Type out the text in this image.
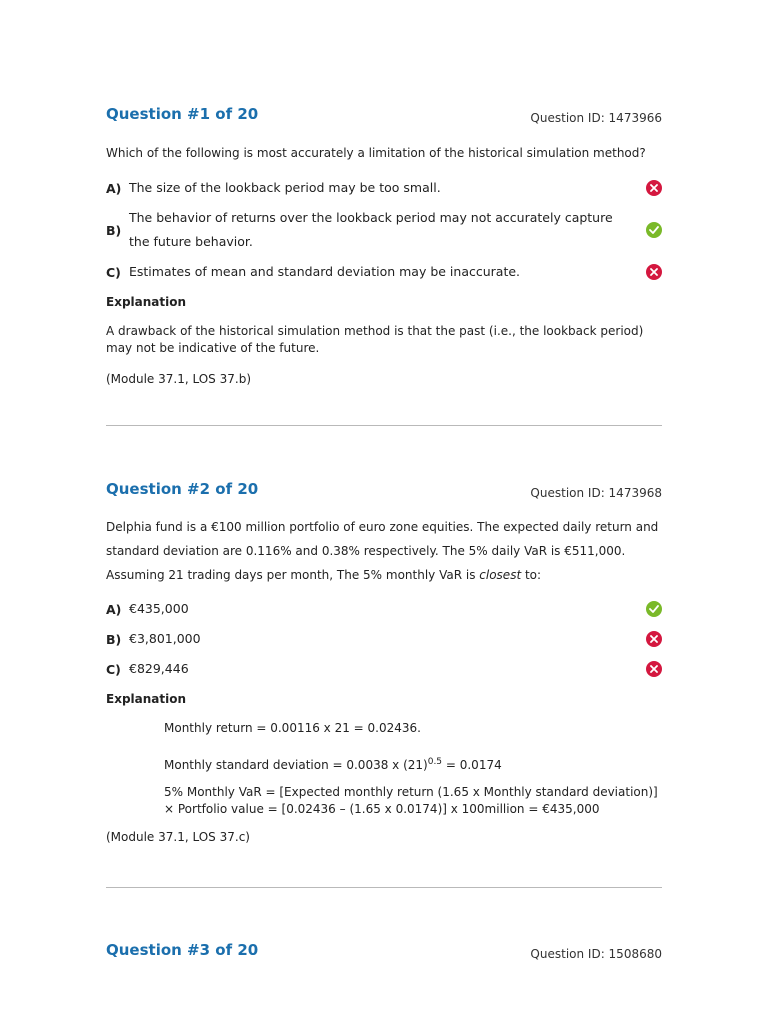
Question #1 of 20	Question ID: 1473966
Which of the following is most accurately a limitation of the historical simulation method?
A) The size of the lookback period may be too small.
B)
The behavior of returns over the lookback period may not accurately capture the future behavior.
C) Estimates of mean and standard deviation may be inaccurate.
Explanation
A drawback of the historical simulation method is that the past (i.e., the lookback period) may not be indicative of the future.
(Module 37.1, LOS 37.b)
Question #2 of 20	Question ID: 1473968
Delphia fund is a €100 million portfolio of euro zone equities. The expected daily return and standard deviation are 0.116% and 0.38% respectively. The 5% daily VaR is €511,000. Assuming 21 trading days per month, The 5% monthly VaR is closest to:
A) €435,000
B) €3,801,000
C) €829,446
Explanation
Monthly return = 0.00116 x 21 = 0.02436.
Monthly standard deviation = 0.0038 x $(21)^{0.5} = 0.0174$
5% Monthly VaR = [Expected monthly return (1.65 x Monthly standard deviation)] × Portfolio value = [0.02436 – (1.65 x 0.0174)] x 100million = €435,000
(Module 37.1, LOS 37.c)
Question #3 of 20	Question ID: 1508680
